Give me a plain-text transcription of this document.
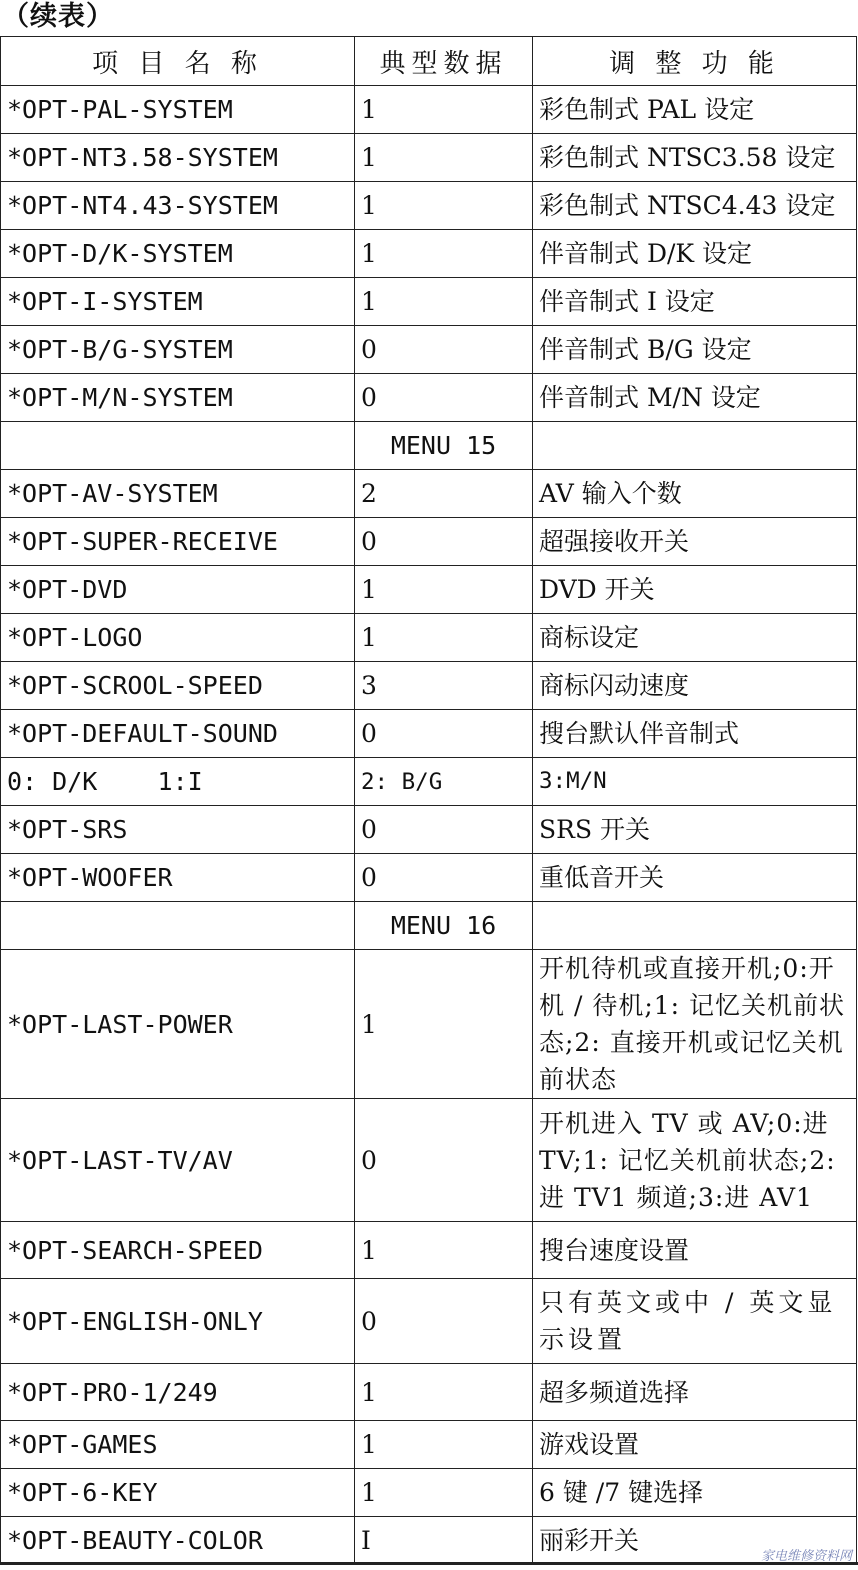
（续表）
项 目 名 称	典型数据	调 整 功 能
*OPT-PAL-SYSTEM	1	彩色制式 PAL 设定
*OPT-NT3.58-SYSTEM	1	彩色制式 NTSC3.58 设定
*OPT-NT4.43-SYSTEM	1	彩色制式 NTSC4.43 设定
*OPT-D/K-SYSTEM	1	伴音制式 D/K 设定
*OPT-I-SYSTEM	1	伴音制式 I 设定
*OPT-B/G-SYSTEM	0	伴音制式 B/G 设定
*OPT-M/N-SYSTEM	0	伴音制式 M/N 设定
	MENU 15	
*OPT-AV-SYSTEM	2	AV 输入个数
*OPT-SUPER-RECEIVE	0	超强接收开关
*OPT-DVD	1	DVD 开关
*OPT-LOGO	1	商标设定
*OPT-SCROOL-SPEED	3	商标闪动速度
*OPT-DEFAULT-SOUND	0	搜台默认伴音制式
0: D/K    1:I	2: B/G	3:M/N
*OPT-SRS	0	SRS 开关
*OPT-WOOFER	0	重低音开关
	MENU 16	
*OPT-LAST-POWER	1	开机待机或直接开机;0:开机 / 待机;1: 记忆关机前状态;2: 直接开机或记忆关机前状态
*OPT-LAST-TV/AV	0	开机进入 TV 或 AV;0:进 TV;1: 记忆关机前状态;2:进 TV1 频道;3:进 AV1
*OPT-SEARCH-SPEED	1	搜台速度设置
*OPT-ENGLISH-ONLY	0	只有英文或中 / 英文显示设置
*OPT-PRO-1/249	1	超多频道选择
*OPT-GAMES	1	游戏设置
*OPT-6-KEY	1	6 键 /7 键选择
*OPT-BEAUTY-COLOR	I	丽彩开关
家电维修资料网
